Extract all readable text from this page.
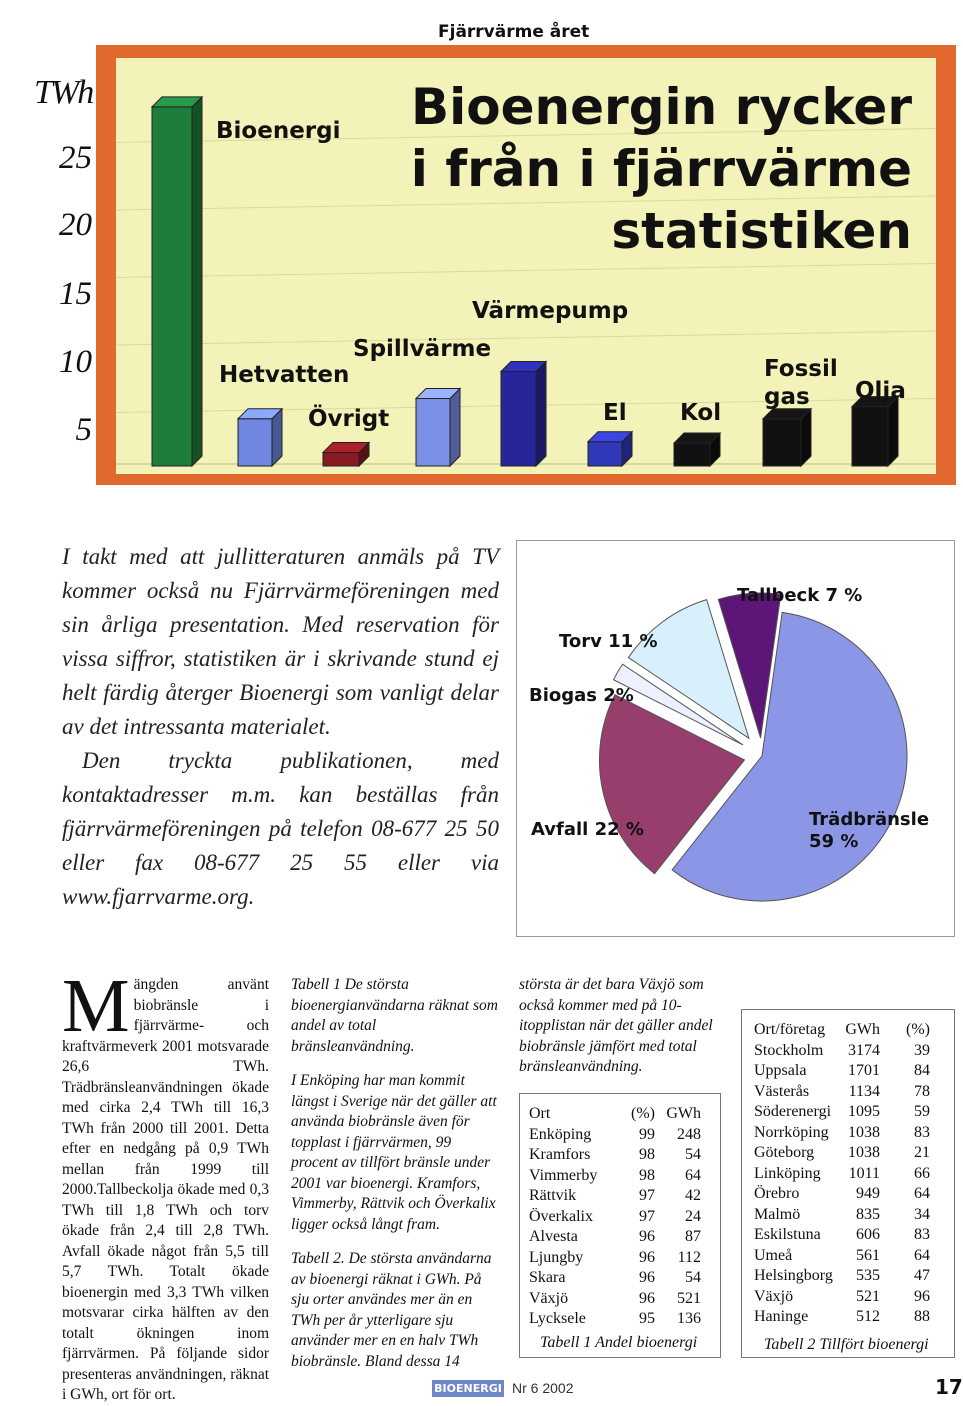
Fjärrvärme året
TWh
25
20
15
10
5
Bioenergin rycker
i från i fjärrvärme
statistiken
Bioenergi
Hetvatten
Övrigt
Spillvärme
Värmepump
El Kol
Fossil gas	Olja

I takt med att jullitteraturen anmäls på TV kommer också nu Fjärrvärmeföreningen med sin årliga presentation. Med reservation för vissa siffror, statistiken är i skrivande stund ej helt färdig återger Bioenergi som vanligt delar av det intressanta materialet.

Den tryckta publikationen, med kontaktadresser m.m. kan beställas från fjärrvärmeföreningen på telefon 08-677 25 50 eller fax 08-677 25 55 eller via www.fjarrvarme.org.

Tallbeck 7 %
Torv 11 %
Biogas 2%
Avfall 22 %	Trädbränsle
59 %
Mängden använt biobränsle i fjärrvärme- och kraftvärmeverk 2001 motsvarade 26,6 TWh. Trädbränsleanvändningen ökade med cirka 2,4 TWh till 16,3 TWh från 2000 till 2001. Detta efter en nedgång på 0,9 TWh mellan från 1999 till 2000.Tallbeckolja ökade med 0,3 TWh till 1,8 TWh och torv ökade från 2,4 till 2,8 TWh. Avfall ökade något från 5,5 till 5,7 TWh. Totalt ökade bioenergin med 3,3 TWh vilken motsvarar cirka hälften av den totalt ökningen inom fjärrvärmen. På följande sidor presenteras användningen, räknat i GWh, ort för ort.

Tabell 1 De största bioenergianvändarna räknat som andel av total bränsleanvändning.

I Enköping har man kommit längst i Sverige när det gäller att använda biobränsle även för topplast i fjärrvärmen, 99 procent av tillfört bränsle under 2001 var bioenergi. Kramfors, Vimmerby, Rättvik och Överkalix ligger också långt fram.

Tabell 2. De största användarna av bioenergi räknat i GWh. På sju orter användes mer än en TWh per år ytterligare sju använder mer en en halv TWh biobränsle. Bland dessa 14

största är det bara Växjö som också kommer med på 10-itopplistan när det gäller andel biobränsle jämfört med total bränsleanvändning.

Ort	(%)	GWh
Enköping	99	248
Kramfors	98	54
Vimmerby	98	64
Rättvik	97	42
Överkalix	97	24
Alvesta	96	87
Ljungby	96	112
Skara	96	54
Växjö	96	521
Lycksele	95	136
Tabell 1 Andel bioenergi
Ort/företag	GWh	(%)
Stockholm	3174	39
Uppsala	1701	84
Västerås	1134	78
Söderenergi	1095	59
Norrköping	1038	83
Göteborg	1038	21
Linköping	1011	66
Örebro	949	64
Malmö	835	34
Eskilstuna	606	83
Umeå	561	64
Helsingborg	535	47
Växjö	521	96
Haninge	512	88
Tabell 2 Tillfört bioenergi
BIOENERGI Nr 6 2002	17
